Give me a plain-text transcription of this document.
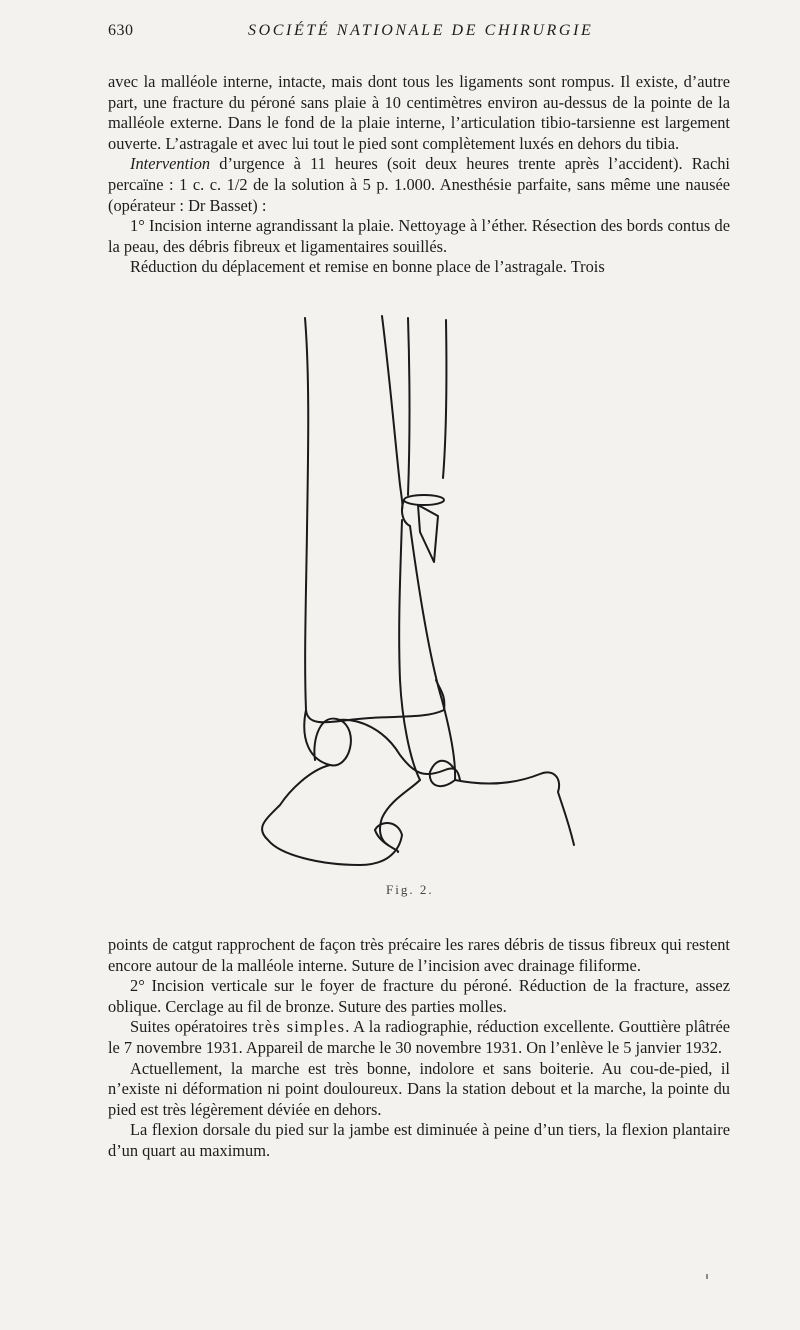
630	SOCIÉTÉ NATIONALE DE CHIRURGIE

avec la malléole interne, intacte, mais dont tous les ligaments sont rompus. Il existe, d’autre part, une fracture du péroné sans plaie à 10 centimètres environ au-dessus de la pointe de la malléole externe. Dans le fond de la plaie interne, l’articulation tibio-tarsienne est largement ouverte. L’astragale et avec lui tout le pied sont complètement luxés en dehors du tibia.

Intervention d’urgence à 11 heures (soit deux heures trente après l’accident). Rachi percaïne : 1 c. c. 1/2 de la solution à 5 p. 1.000. Anesthésie parfaite, sans même une nausée (opérateur : Dr Basset) :

1° Incision interne agrandissant la plaie. Nettoyage à l’éther. Résection des bords contus de la peau, des débris fibreux et ligamentaires souillés.

Réduction du déplacement et remise en bonne place de l’astragale. Trois

Fig. 2.

points de catgut rapprochent de façon très précaire les rares débris de tissus fibreux qui restent encore autour de la malléole interne. Suture de l’incision avec drainage filiforme.

2° Incision verticale sur le foyer de fracture du péroné. Réduction de la fracture, assez oblique. Cerclage au fil de bronze. Suture des parties molles.

Suites opératoires très simples. A la radiographie, réduction excellente. Gouttière plâtrée le 7 novembre 1931. Appareil de marche le 30 novembre 1931. On l’enlève le 5 janvier 1932.

Actuellement, la marche est très bonne, indolore et sans boiterie. Au cou-de-pied, il n’existe ni déformation ni point douloureux. Dans la station debout et la marche, la pointe du pied est très légèrement déviée en dehors.

La flexion dorsale du pied sur la jambe est diminuée à peine d’un tiers, la flexion plantaire d’un quart au maximum.
